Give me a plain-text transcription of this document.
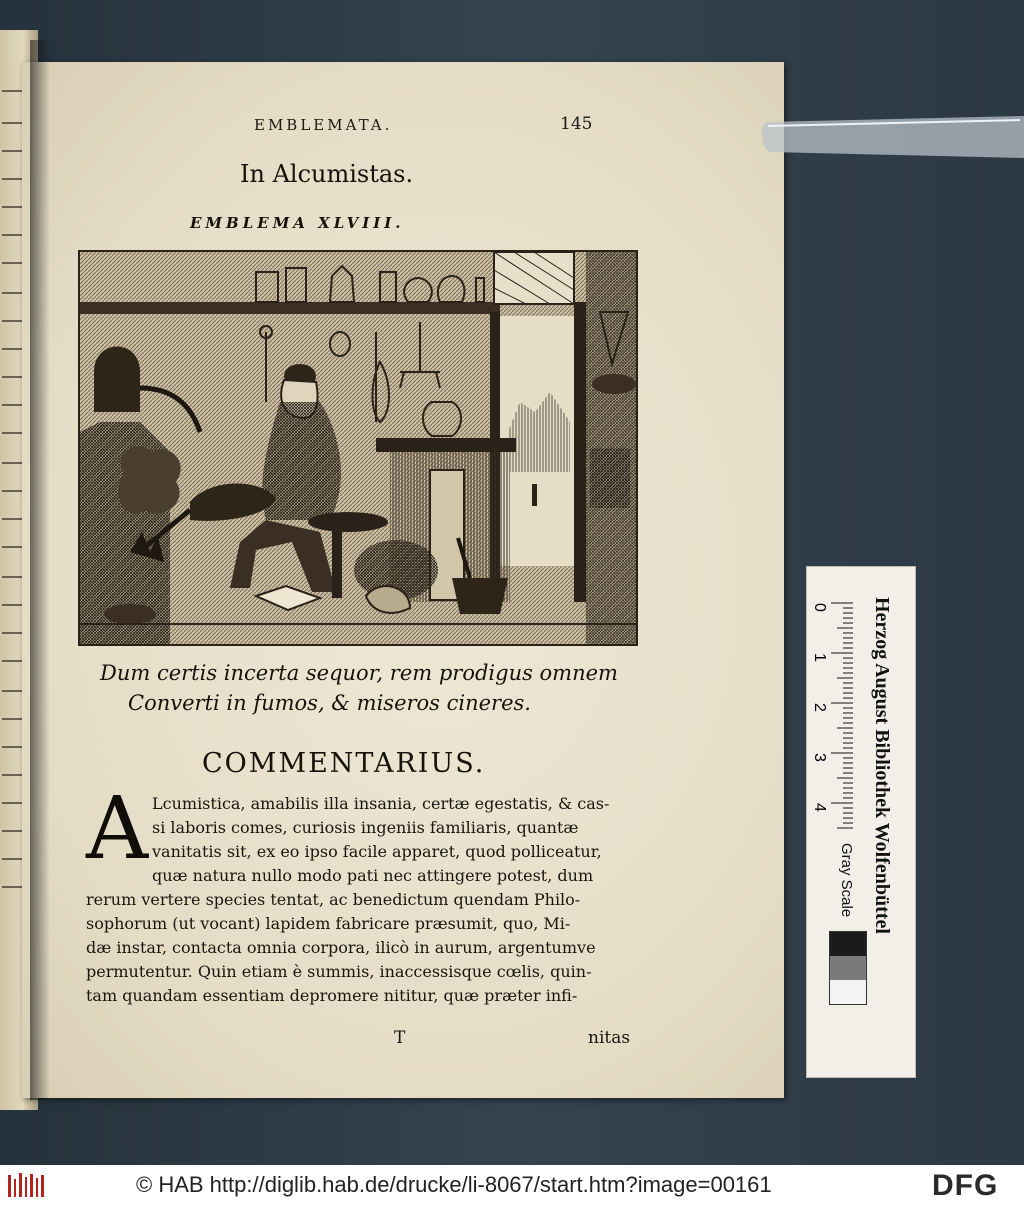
EMBLEMATA.	145
In Alcumistas.
EMBLEMA XLVIII.
Dum certis incerta sequor, rem prodigus omnem
Converti in fumos, & miseros cineres.
COMMENTARIUS.
A Lcumistica, amabilis illa insania, certæ egestatis, & cas-
si laboris comes, curiosis ingeniis familiaris, quantæ
vanitatis sit, ex eo ipso facile apparet, quod polliceatur,
quæ natura nullo modo pati nec attingere potest, dum
rerum vertere species tentat, ac benedictum quendam Philo-
sophorum (ut vocant) lapidem fabricare præsumit, quo, Mi-
dæ instar, contacta omnia corpora, ilicò in aurum, argentumve
permutentur. Quin etiam è summis, inaccessisque cœlis, quin-
tam quandam essentiam depromere nititur, quæ præter infi-
T	nitas
0
1
2
3
4 Herzog August Bibliothek Wolfenbüttel
Gray Scale
© HAB http://diglib.hab.de/drucke/li-8067/start.htm?image=00161	DFG
